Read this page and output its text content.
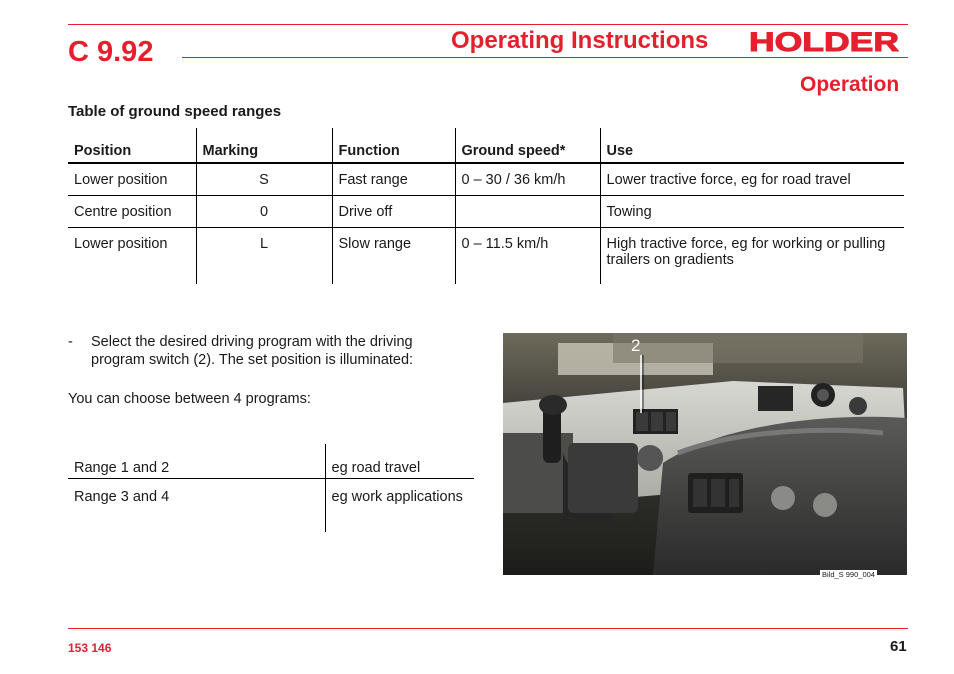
C 9.92	Operating Instructions HOLDER
Operation
Table of ground speed ranges
Position	Marking	Function	Ground speed*	Use
Lower position	S	Fast range	0 – 30 / 36 km/h	Lower tractive force, eg for road travel
Centre position	0	Drive off		Towing
Lower position	L	Slow range	0 – 11.5 km/h	High tractive force, eg for working or pulling trailers on gradients
- Select the desired driving program with the driving program switch (2). The set position is illuminated:
You can choose between 4 programs:
Range 1 and 2	eg road travel
Range 3 and 4	eg work applications
2
Bild_S 990_004
153 146	61
